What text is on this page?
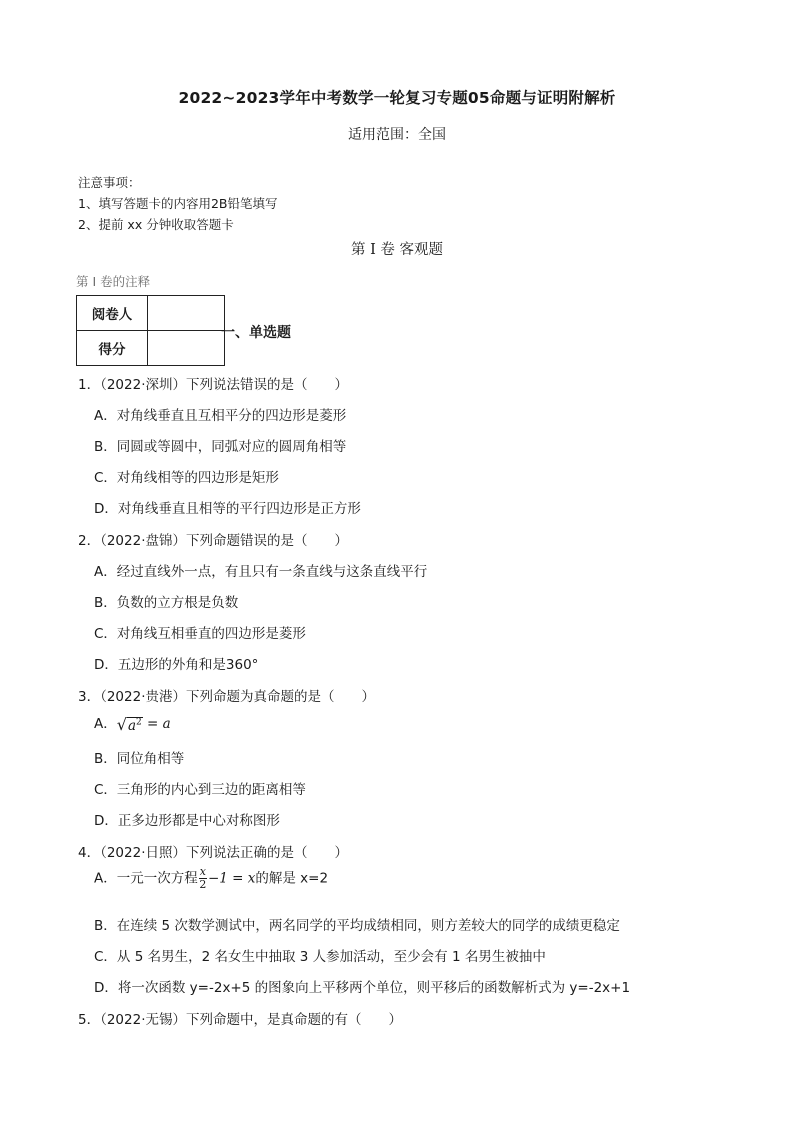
2022~2023学年中考数学一轮复习专题05命题与证明附解析
适用范围：全国
注意事项：
1、填写答题卡的内容用2B铅笔填写
2、提前 xx 分钟收取答题卡
第 I 卷 客观题
第 I 卷的注释
阅卷人	
得分	
一、单选题
1．（2022·深圳）下列说法错误的是（　　）
A．对角线垂直且互相平分的四边形是菱形
B．同圆或等圆中，同弧对应的圆周角相等
C．对角线相等的四边形是矩形
D．对角线垂直且相等的平行四边形是正方形
2．（2022·盘锦）下列命题错误的是（　　）
A．经过直线外一点，有且只有一条直线与这条直线平行
B．负数的立方根是负数
C．对角线互相垂直的四边形是菱形
D．五边形的外角和是360°
3．（2022·贵港）下列命题为真命题的是（　　）
A．$√a^2 = a$
B．同位角相等
C．三角形的内心到三边的距离相等
D．正多边形都是中心对称图形
4．（2022·日照）下列说法正确的是（　　）
A．一元一次方程 $\frac{x}{2} -1 = x$的解是 x=2
B．在连续 5 次数学测试中，两名同学的平均成绩相同，则方差较大的同学的成绩更稳定
C．从 5 名男生，2 名女生中抽取 3 人参加活动，至少会有 1 名男生被抽中
D．将一次函数 y=-2x+5 的图象向上平移两个单位，则平移后的函数解析式为 y=-2x+1
5．（2022·无锡）下列命题中，是真命题的有（　　）
